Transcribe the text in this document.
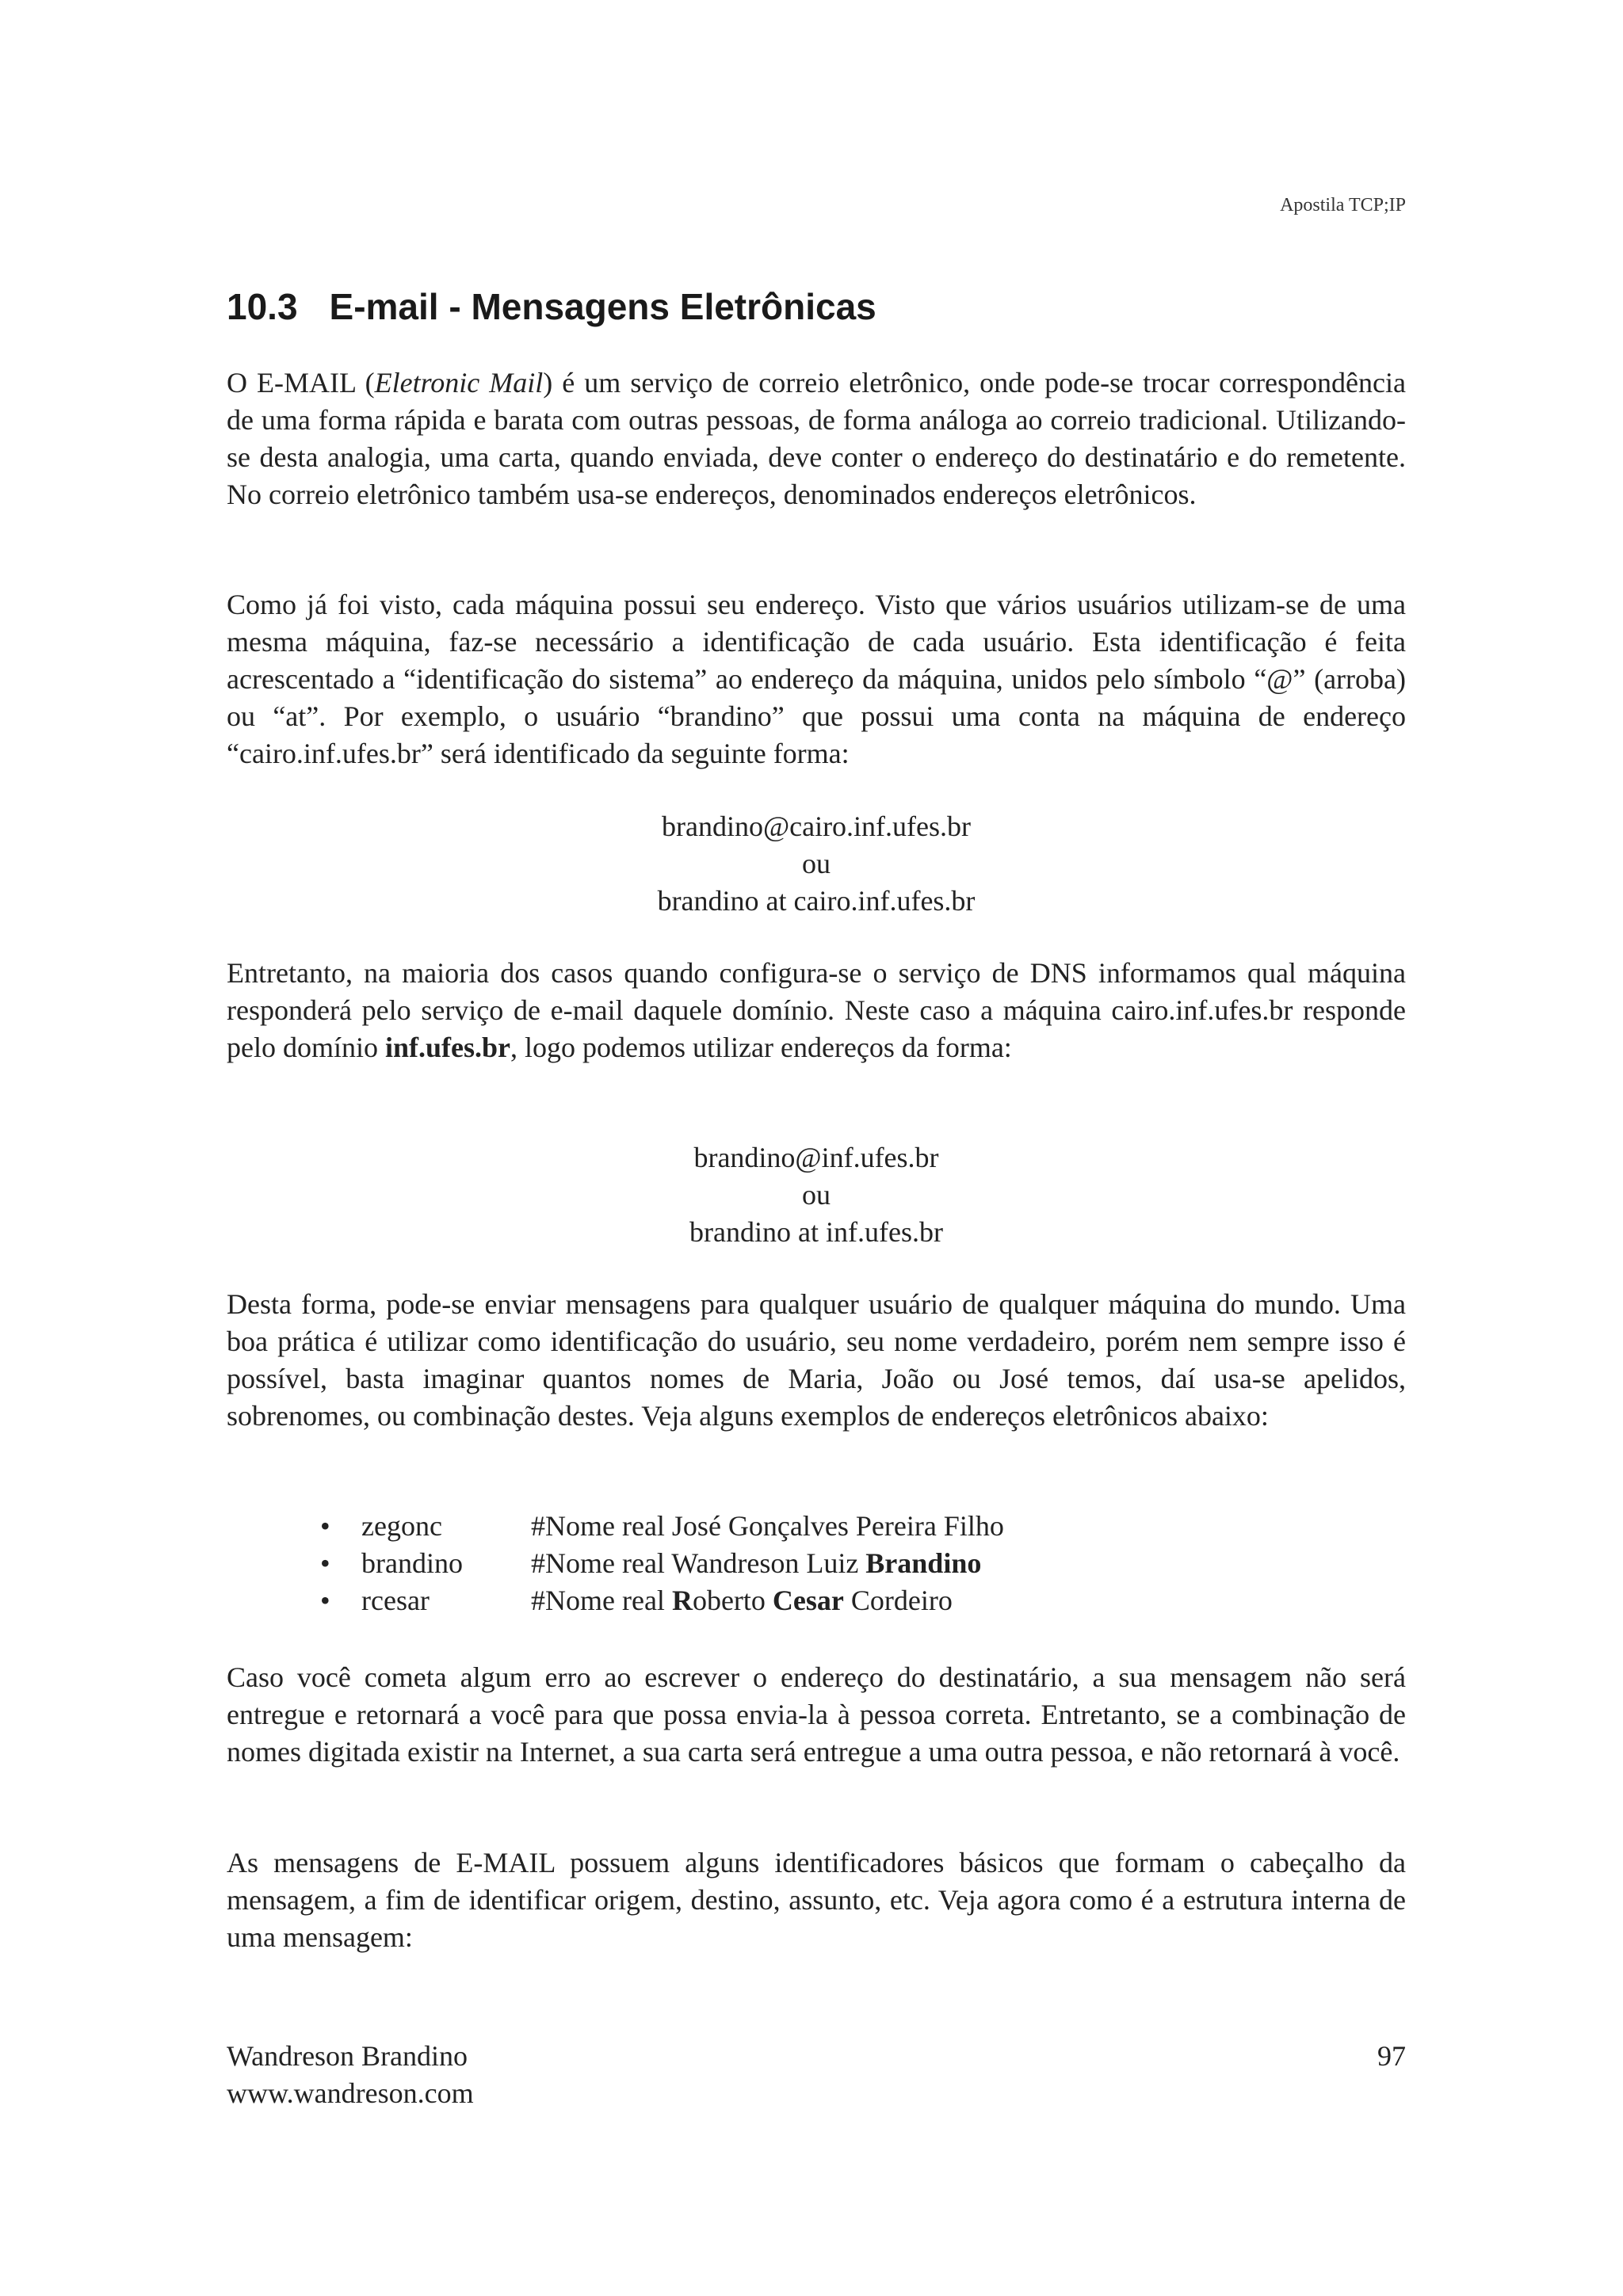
Apostila TCP;IP
10.3 E-mail - Mensagens Eletrônicas

O E-MAIL (Eletronic Mail) é um serviço de correio eletrônico, onde pode-se trocar correspondência de uma forma rápida e barata com outras pessoas, de forma análoga ao correio tradicional. Utilizando-se desta analogia, uma carta, quando enviada, deve conter o endereço do destinatário e do remetente. No correio eletrônico também usa-se endereços, denominados endereços eletrônicos.

Como já foi visto, cada máquina possui seu endereço. Visto que vários usuários utilizam-se de uma mesma máquina, faz-se necessário a identificação de cada usuário. Esta identificação é feita acrescentado a “identificação do sistema” ao endereço da máquina, unidos pelo símbolo “@” (arroba) ou “at”. Por exemplo, o usuário “brandino” que possui uma conta na máquina de endereço “cairo.inf.ufes.br” será identificado da seguinte forma:

brandino@cairo.inf.ufes.br
ou
brandino at cairo.inf.ufes.br

Entretanto, na maioria dos casos quando configura-se o serviço de DNS informamos qual máquina responderá pelo serviço de e-mail daquele domínio. Neste caso a máquina cairo.inf.ufes.br responde pelo domínio inf.ufes.br, logo podemos utilizar endereços da forma:

brandino@inf.ufes.br
ou
brandino at inf.ufes.br

Desta forma, pode-se enviar mensagens para qualquer usuário de qualquer máquina do mundo. Uma boa prática é utilizar como identificação do usuário, seu nome verdadeiro, porém nem sempre isso é possível, basta imaginar quantos nomes de Maria, João ou José temos, daí usa-se apelidos, sobrenomes, ou combinação destes. Veja alguns exemplos de endereços eletrônicos abaixo:

•	zegonc	#Nome real José Gonçalves Pereira Filho
•	brandino	#Nome real Wandreson Luiz Brandino
•	rcesar	#Nome real Roberto Cesar Cordeiro

Caso você cometa algum erro ao escrever o endereço do destinatário, a sua mensagem não será entregue e retornará a você para que possa envia-la à pessoa correta. Entretanto, se a combinação de nomes digitada existir na Internet, a sua carta será entregue a uma outra pessoa, e não retornará à você.

As mensagens de E-MAIL possuem alguns identificadores básicos que formam o cabeçalho da mensagem, a fim de identificar origem, destino, assunto, etc. Veja agora como é a estrutura interna de uma mensagem:

Wandreson Brandino
www.wandreson.com
97
